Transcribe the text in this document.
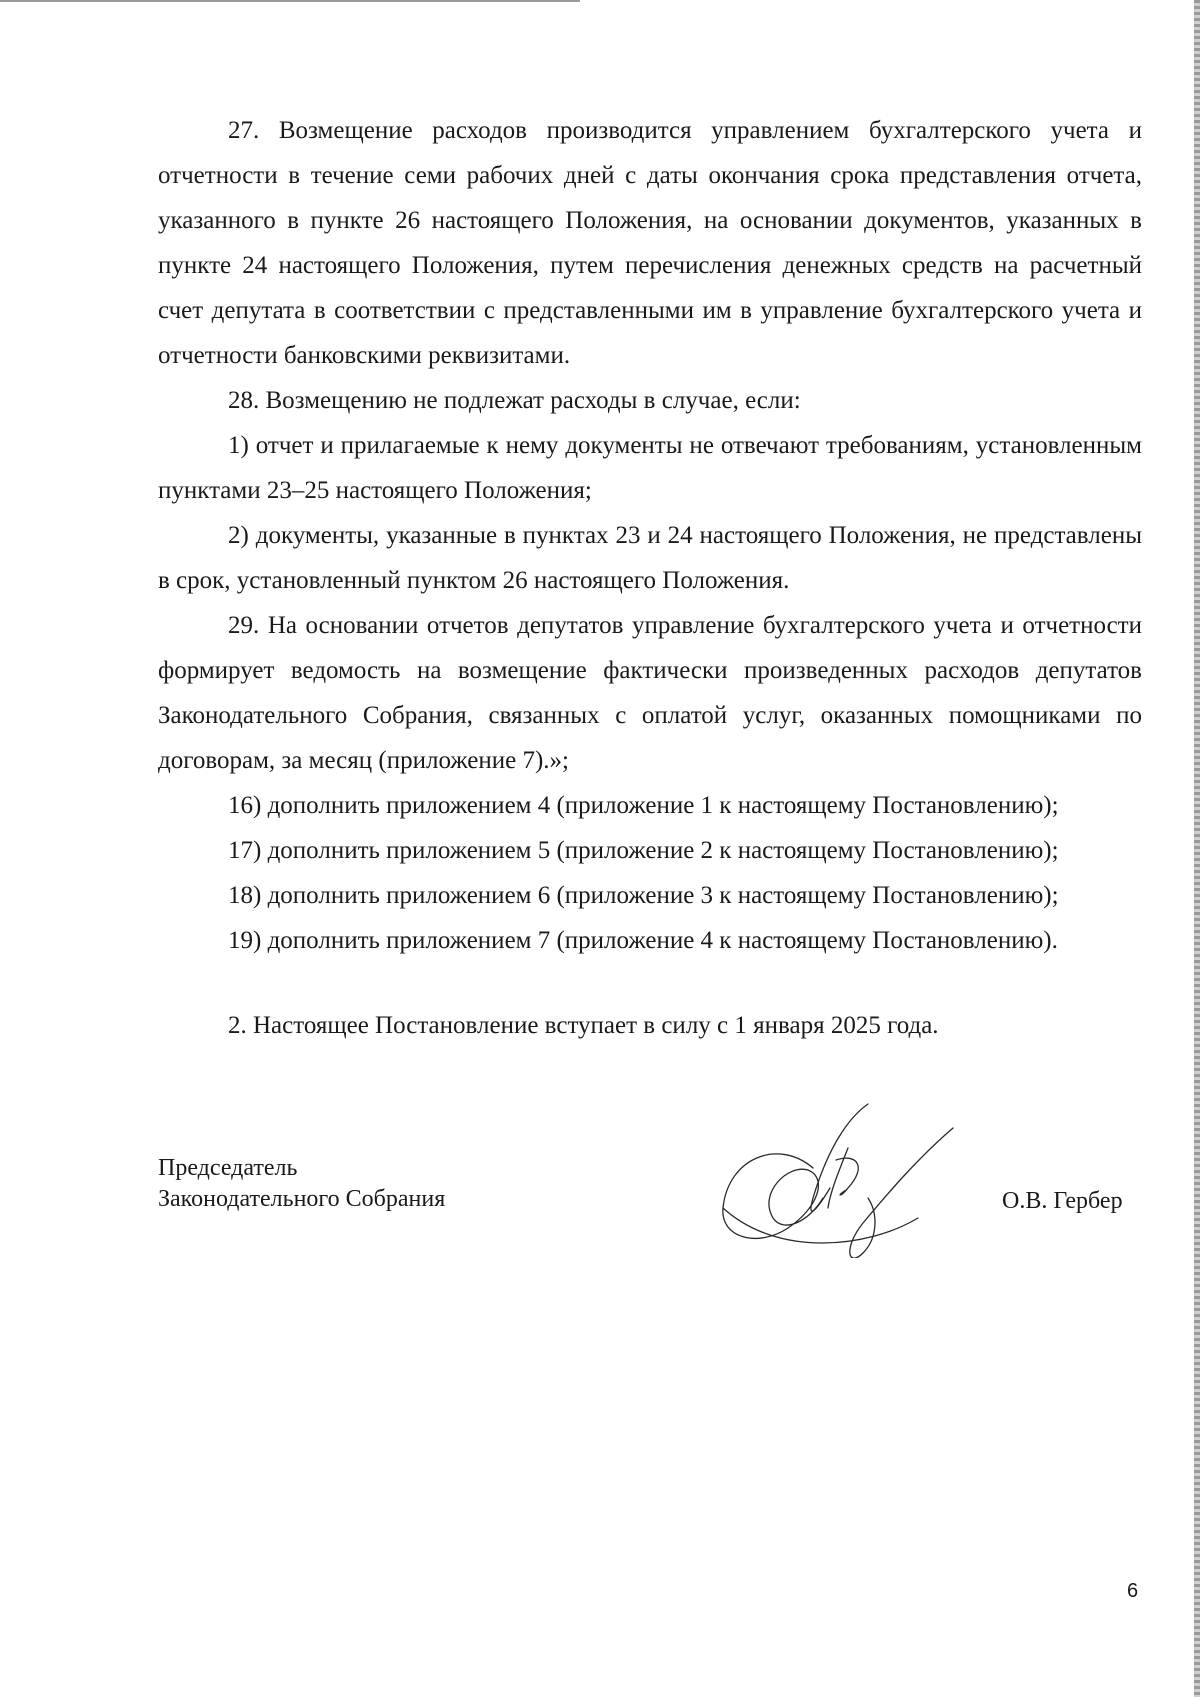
27. Возмещение расходов производится управлением бухгалтерского учета и отчетности в течение семи рабочих дней с даты окончания срока представления отчета, указанного в пункте 26 настоящего Положения, на основании документов, указанных в пункте 24 настоящего Положения, путем перечисления денежных средств на расчетный счет депутата в соответствии с представленными им в управление бухгалтерского учета и отчетности банковскими реквизитами.

28. Возмещению не подлежат расходы в случае, если:

1) отчет и прилагаемые к нему документы не отвечают требованиям, установленным пунктами 23–25 настоящего Положения;

2) документы, указанные в пунктах 23 и 24 настоящего Положения, не представлены в срок, установленный пунктом 26 настоящего Положения.

29. На основании отчетов депутатов управление бухгалтерского учета и отчетности формирует ведомость на возмещение фактически произведенных расходов депутатов Законодательного Собрания, связанных с оплатой услуг, оказанных помощниками по договорам, за месяц (приложение 7).»;

16) дополнить приложением 4 (приложение 1 к настоящему Постановлению);

17) дополнить приложением 5 (приложение 2 к настоящему Постановлению);

18) дополнить приложением 6 (приложение 3 к настоящему Постановлению);

19) дополнить приложением 7 (приложение 4 к настоящему Постановлению).

2. Настоящее Постановление вступает в силу с 1 января 2025 года.

Председатель
Законодательного Собрания	О.В. Гербер
6
